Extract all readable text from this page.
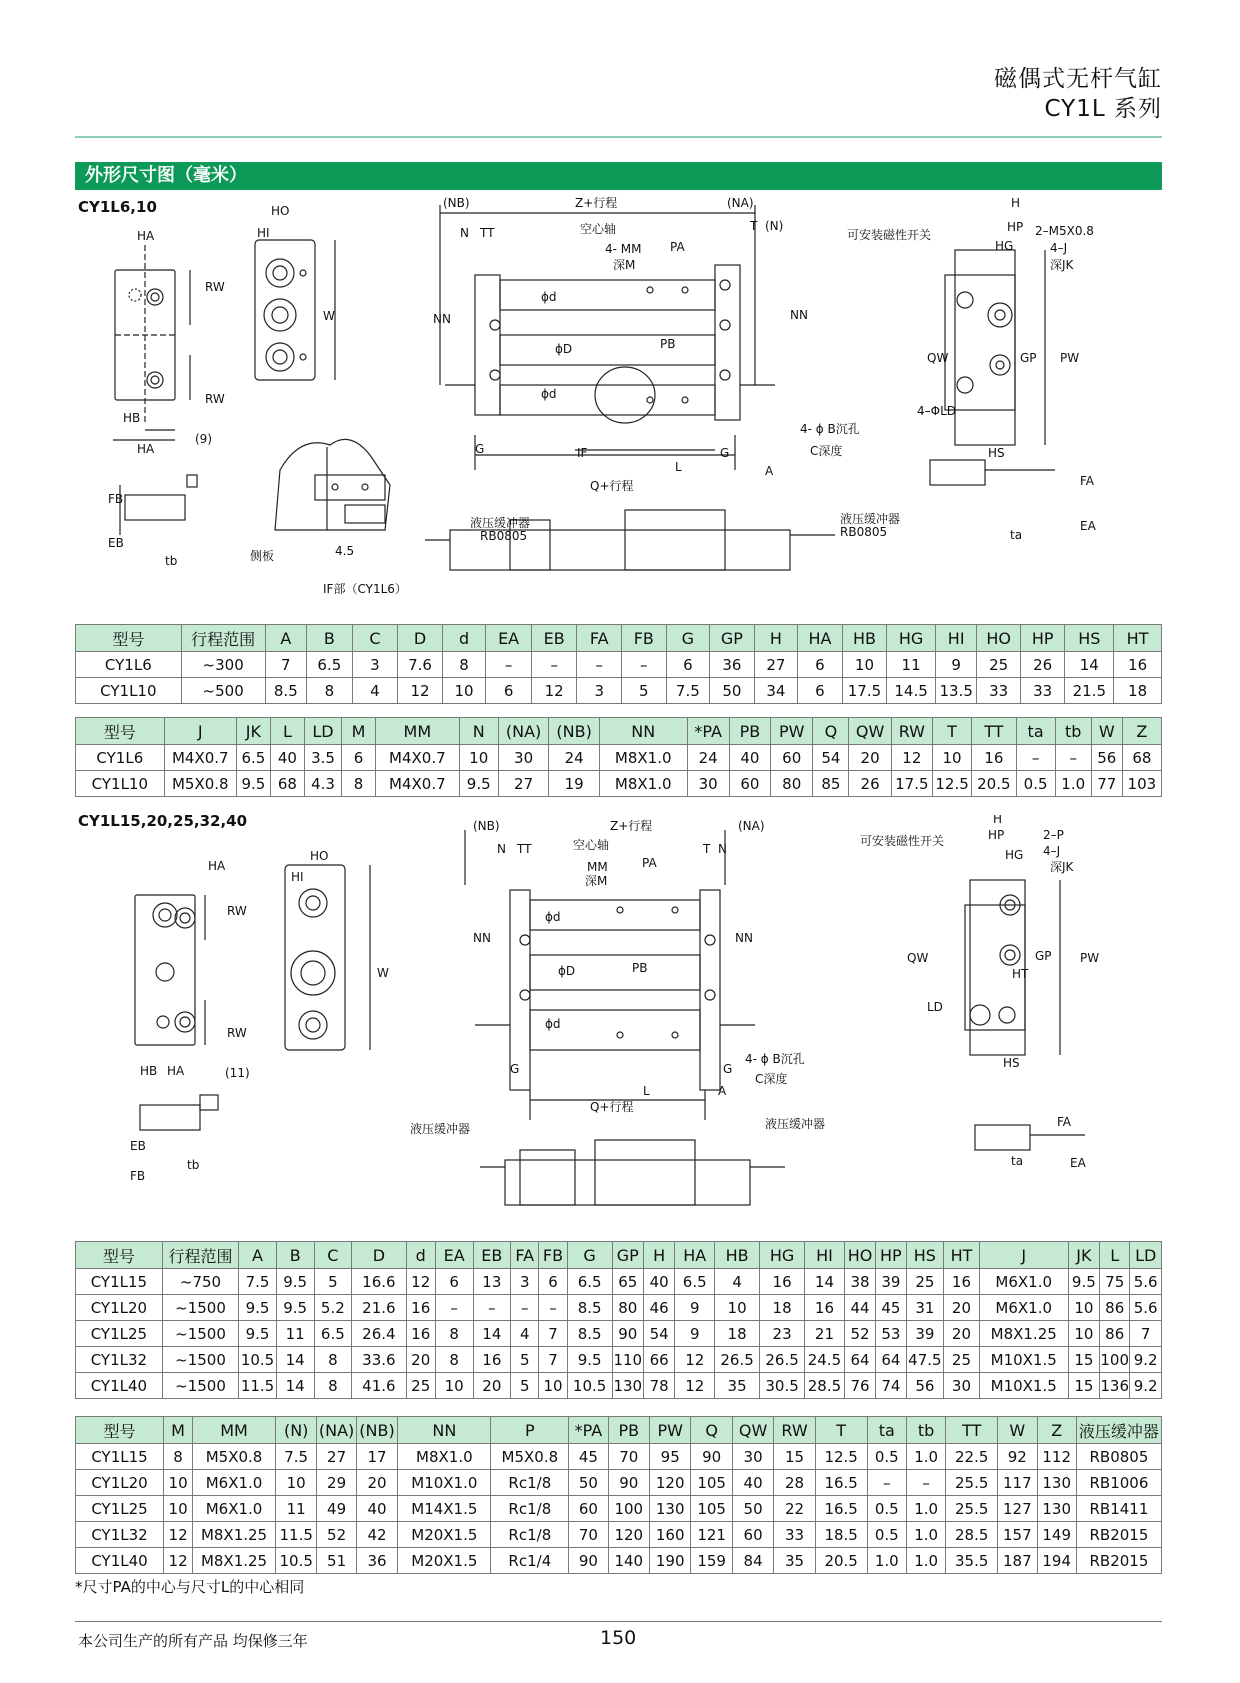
磁偶式无杆气缸
CY1L 系列
外形尺寸图（毫米）
CY1L6,10
HA
RW
RW
HB
HA
(9)
HO
HI
W
侧板	4.5
IF部（CY1L6）
FB
EB
tb
(NB)	Z+行程	(NA)
N TT	空心轴
4- MM PA
深M
T (N)
NN	NN
ϕd
ϕD	PB
ϕd
G	G
IF
L	A
Q+行程
4- ϕ B沉孔
C深度
液压缓冲器
RB0805
液压缓冲器
RB0805
H
HP 2–M5X0.8
可安装磁性开关
HG	4–J
深JK
QW	GP PW
4–ΦLD
HS
FA
EA
ta
型号	行程范围	A	B	C	D	d	EA	EB	FA	FB	G	GP	H	HA	HB	HG	HI	HO	HP	HS	HT
CY1L6	~300	7	6.5	3	7.6	8	–	–	–	–	6	36	27	6	10	11	9	25	26	14	16
CY1L10	~500	8.5	8	4	12	10	6	12	3	5	7.5	50	34	6	17.5	14.5	13.5	33	33	21.5	18
型号	J	JK	L	LD	M	MM	N	(NA)	(NB)	NN	*PA	PB	PW	Q	QW	RW	T	TT	ta	tb	W	Z
CY1L6	M4X0.7	6.5	40	3.5	6	M4X0.7	10	30	24	M8X1.0	24	40	60	54	20	12	10	16	–	–	56	68
CY1L10	M5X0.8	9.5	68	4.3	8	M4X0.7	9.5	27	19	M8X1.0	30	60	80	85	26	17.5	12.5	20.5	0.5	1.0	77	103
CY1L15,20,25,32,40
HA
RW
RW
HB HA	(11)
EB
FB
tb
HO
HI
W
(NB)	Z+行程	(NA)
N TT	空心轴
MM
深M
PA
T N
NN	NN
ϕd
ϕD	PB
ϕd
G	G
L	A
Q+行程
4- ϕ B沉孔
C深度
液压缓冲器	液压缓冲器
H
HP	2–P
可安装磁性开关
HG 4–J
深JK
QW	GP PW
HT
LD
HS
FA
EA
ta
型号	行程范围	A	B	C	D	d	EA	EB	FA	FB	G	GP	H	HA	HB	HG	HI	HO	HP	HS	HT	J	JK	L	LD
CY1L15	~750	7.5	9.5	5	16.6	12	6	13	3	6	6.5	65	40	6.5	4	16	14	38	39	25	16	M6X1.0	9.5	75	5.6
CY1L20	~1500	9.5	9.5	5.2	21.6	16	–	–	–	–	8.5	80	46	9	10	18	16	44	45	31	20	M6X1.0	10	86	5.6
CY1L25	~1500	9.5	11	6.5	26.4	16	8	14	4	7	8.5	90	54	9	18	23	21	52	53	39	20	M8X1.25	10	86	7
CY1L32	~1500	10.5	14	8	33.6	20	8	16	5	7	9.5	110	66	12	26.5	26.5	24.5	64	64	47.5	25	M10X1.5	15	100	9.2
CY1L40	~1500	11.5	14	8	41.6	25	10	20	5	10	10.5	130	78	12	35	30.5	28.5	76	74	56	30	M10X1.5	15	136	9.2
型号	M	MM	(N)	(NA)	(NB)	NN	P	*PA	PB	PW	Q	QW	RW	T	ta	tb	TT	W	Z	液压缓冲器
CY1L15	8	M5X0.8	7.5	27	17	M8X1.0	M5X0.8	45	70	95	90	30	15	12.5	0.5	1.0	22.5	92	112	RB0805
CY1L20	10	M6X1.0	10	29	20	M10X1.0	Rc1/8	50	90	120	105	40	28	16.5	–	–	25.5	117	130	RB1006
CY1L25	10	M6X1.0	11	49	40	M14X1.5	Rc1/8	60	100	130	105	50	22	16.5	0.5	1.0	25.5	127	130	RB1411
CY1L32	12	M8X1.25	11.5	52	42	M20X1.5	Rc1/8	70	120	160	121	60	33	18.5	0.5	1.0	28.5	157	149	RB2015
CY1L40	12	M8X1.25	10.5	51	36	M20X1.5	Rc1/4	90	140	190	159	84	35	20.5	1.0	1.0	35.5	187	194	RB2015
*尺寸PA的中心与尺寸L的中心相同
本公司生产的所有产品 均保修三年	150
